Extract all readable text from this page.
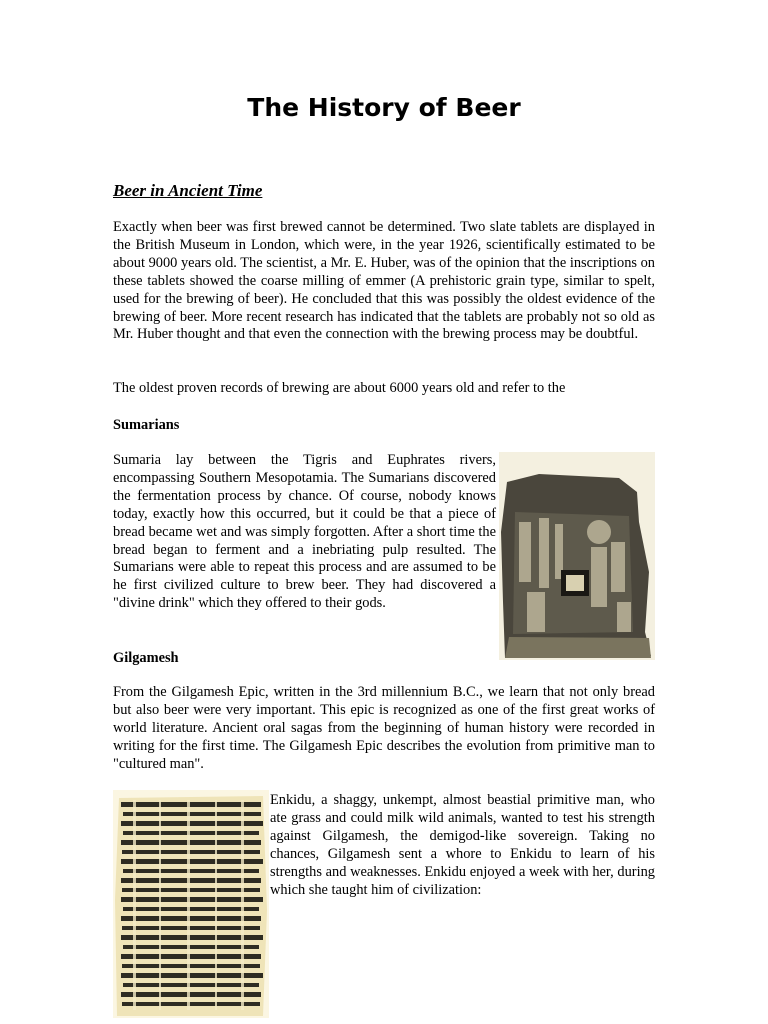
The History of Beer
Beer in Ancient Time

Exactly when beer was first brewed cannot be determined. Two slate tablets are displayed in the British Museum in London, which were, in the year 1926, scientifically estimated to be about 9000 years old. The scientist, a Mr. E. Huber, was of the opinion that the inscriptions on these tablets showed the coarse milling of emmer (A prehistoric grain type, similar to spelt, used for the brewing of beer). He concluded that this was possibly the oldest evidence of the brewing of beer. More recent research has indicated that the tablets are probably not so old as Mr. Huber thought and that even the connection with the brewing process may be doubtful.

The oldest proven records of brewing are about 6000 years old and refer to the

Sumarians

Sumaria lay between the Tigris and Euphrates rivers, encompassing Southern Mesopotamia. The Sumarians discovered the fermentation process by chance. Of course, nobody knows today, exactly how this occurred, but it could be that a piece of bread became wet and was simply forgotten. After a short time the bread began to ferment and a inebriating pulp resulted. The Sumarians were able to repeat this process and are assumed to be he first civilized culture to brew beer. They had discovered a "divine drink" which they offered to their gods.

Gilgamesh

From the Gilgamesh Epic, written in the 3rd millennium B.C., we learn that not only bread but also beer were very important. This epic is recognized as one of the first great works of world literature. Ancient oral sagas from the beginning of human history were recorded in writing for the first time. The Gilgamesh Epic describes the evolution from primitive man to "cultured man".

Enkidu, a shaggy, unkempt, almost beastial primitive man, who ate grass and could milk wild animals, wanted to test his strength against Gilgamesh, the demigod-like sovereign. Taking no chances, Gilgamesh sent a whore to Enkidu to learn of his strengths and weaknesses. Enkidu enjoyed a week with her, during which she taught him of civilization:
